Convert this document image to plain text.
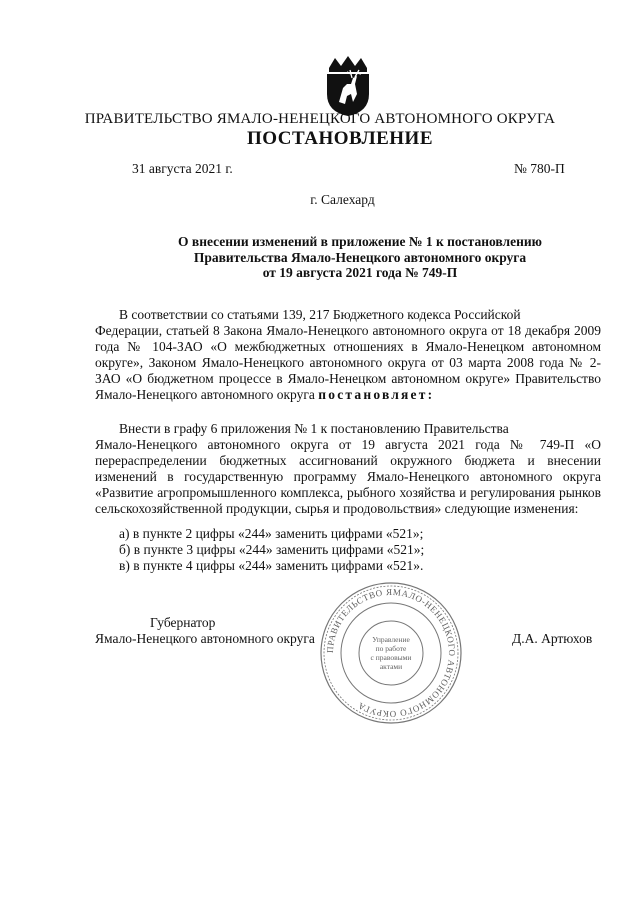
ПРАВИТЕЛЬСТВО ЯМАЛО-НЕНЕЦКОГО АВТОНОМНОГО ОКРУГА
ПОСТАНОВЛЕНИЕ
31 августа 2021 г.	№ 780-П
г. Салехард
О внесении изменений в приложение № 1 к постановлению
Правительства Ямало-Ненецкого автономного округа
от 19 августа 2021 года № 749-П
В соответствии со статьями 139, 217 Бюджетного кодекса Российской
Федерации, статьей 8 Закона Ямало-Ненецкого автономного округа от 18 декабря 2009 года № 104-ЗАО «О межбюджетных отношениях в Ямало-Ненецком автономном округе», Законом Ямало-Ненецкого автономного округа от 03 марта 2008 года № 2-ЗАО «О бюджетном процессе в Ямало-Ненецком автономном округе» Правительство Ямало-Ненецкого автономного округа постановляет:
Внести в графу 6 приложения № 1 к постановлению Правительства
Ямало-Ненецкого автономного округа от 19 августа 2021 года № 749-П «О перераспределении бюджетных ассигнований окружного бюджета и внесении изменений в государственную программу Ямало-Ненецкого автономного округа «Развитие агропромышленного комплекса, рыбного хозяйства и регулирования рынков сельскохозяйственной продукции, сырья и продовольствия» следующие изменения:
а) в пункте 2 цифры «244» заменить цифрами «521»;
б) в пункте 3 цифры «244» заменить цифрами «521»;
в) в пункте 4 цифры «244» заменить цифрами «521».
Губернатор
Ямало-Ненецкого автономного округа	Д.А. Артюхов
ПРАВИТЕЛЬСТВО ЯМАЛО-НЕНЕЦКОГО АВТОНОМНОГО ОКРУГА
Управление
по работе
с правовыми
актами
